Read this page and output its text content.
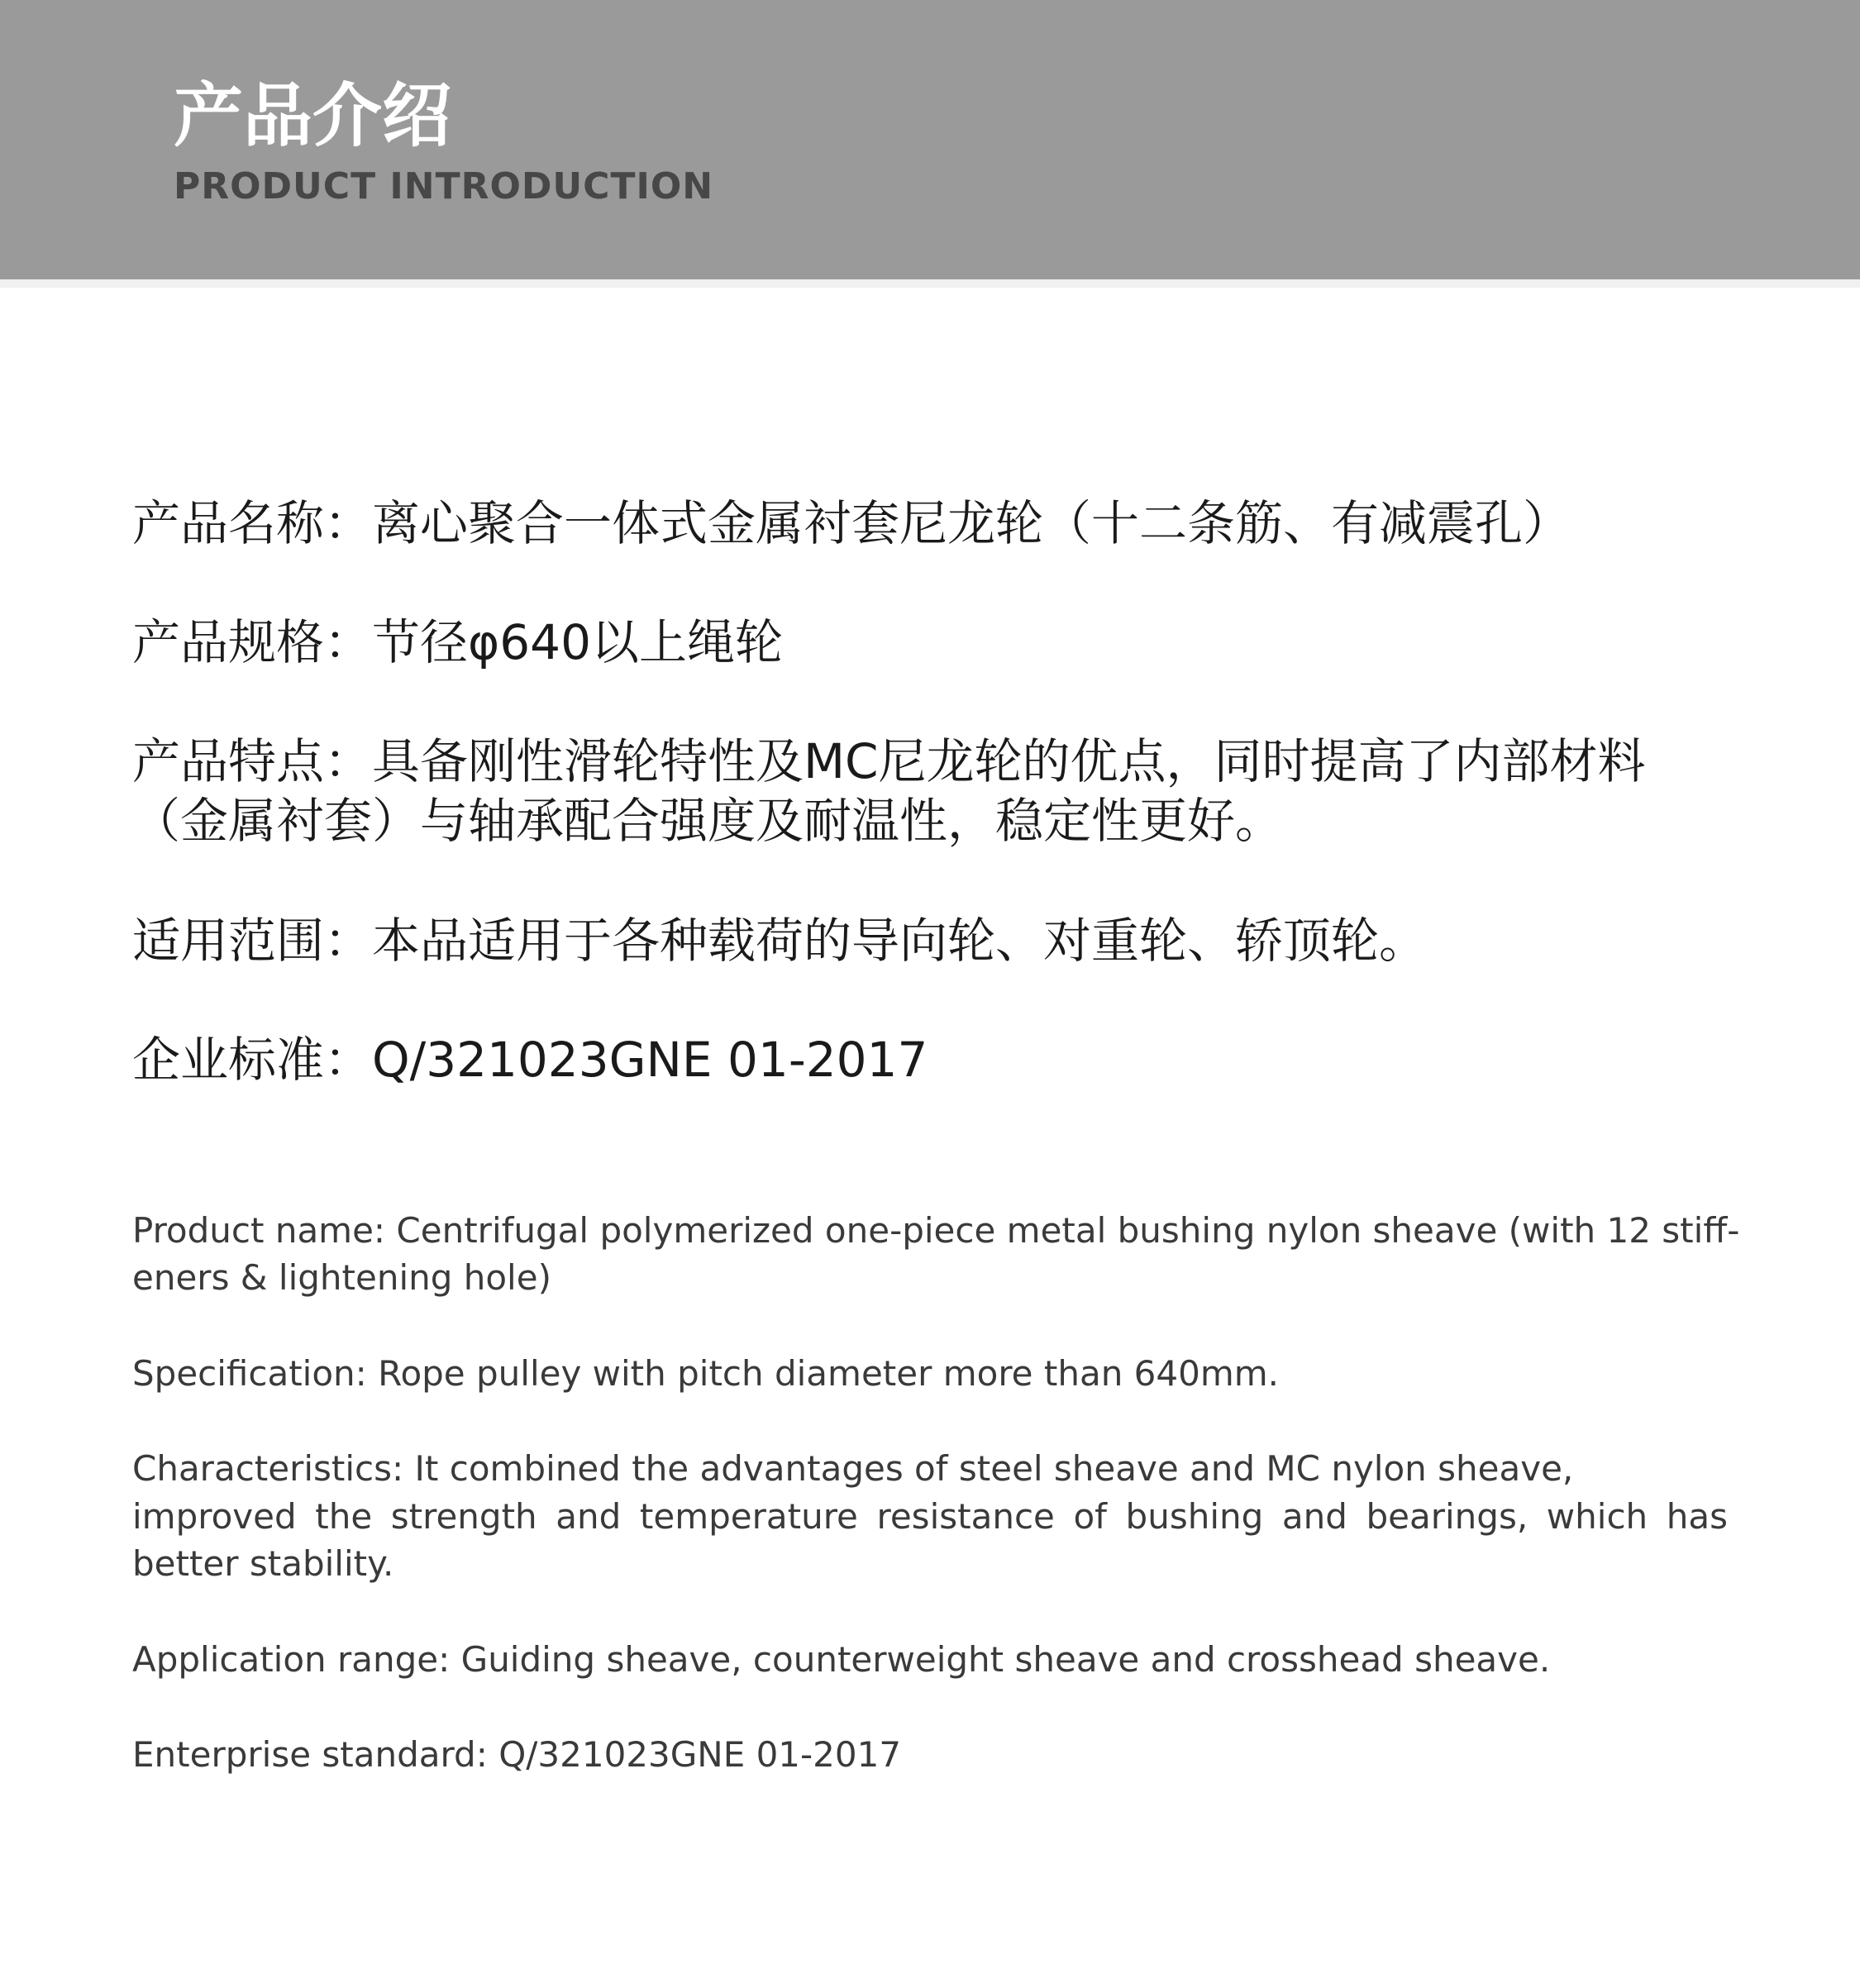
产品介绍
PRODUCT INTRODUCTION
产品名称：离心聚合一体式金属衬套尼龙轮（十二条筋、有减震孔）
产品规格：节径φ640以上绳轮
产品特点：具备刚性滑轮特性及MC尼龙轮的优点，同时提高了内部材料
（金属衬套）与轴承配合强度及耐温性，稳定性更好。
适用范围：本品适用于各种载荷的导向轮、对重轮、轿顶轮。
企业标准：Q/321023GNE 01-2017
Product name: Centrifugal polymerized one-piece metal bushing nylon sheave (with 12 stiff-
eners & lightening hole)
Specification: Rope pulley with pitch diameter more than 640mm.
Characteristics: It combined the advantages of steel sheave and MC nylon sheave,
improved the strength and temperature resistance of bushing and bearings, which has
better stability.
Application range: Guiding sheave, counterweight sheave and crosshead sheave.
Enterprise standard: Q/321023GNE 01-2017
